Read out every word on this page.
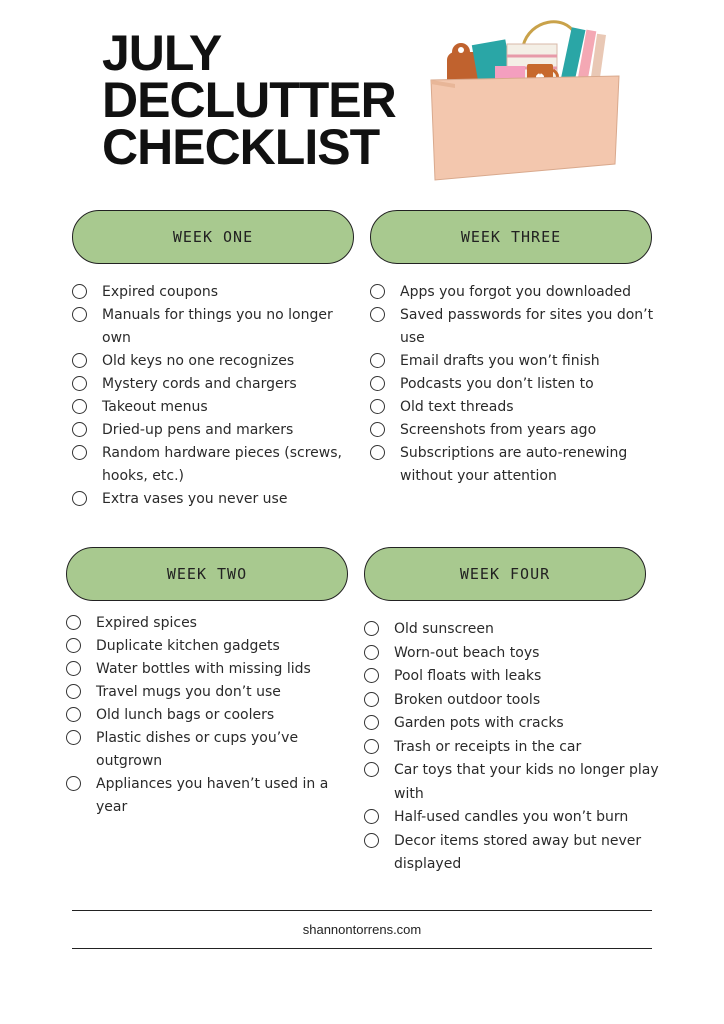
JULY
DECLUTTER
CHECKLIST
WEEK ONE
Expired coupons
Manuals for things you no longer own
Old keys no one recognizes
Mystery cords and chargers
Takeout menus
Dried-up pens and markers
Random hardware pieces (screws, hooks, etc.)
Extra vases you never use
WEEK THREE
Apps you forgot you downloaded
Saved passwords for sites you don’t use
Email drafts you won’t finish
Podcasts you don’t listen to
Old text threads
Screenshots from years ago
Subscriptions are auto-renewing without your attention
WEEK TWO
Expired spices
Duplicate kitchen gadgets
Water bottles with missing lids
Travel mugs you don’t use
Old lunch bags or coolers
Plastic dishes or cups you’ve outgrown
Appliances you haven’t used in a year
WEEK FOUR
Old sunscreen
Worn-out beach toys
Pool floats with leaks
Broken outdoor tools
Garden pots with cracks
Trash or receipts in the car
Car toys that your kids no longer play with
Half-used candles you won’t burn
Decor items stored away but never displayed
shannontorrens.com
